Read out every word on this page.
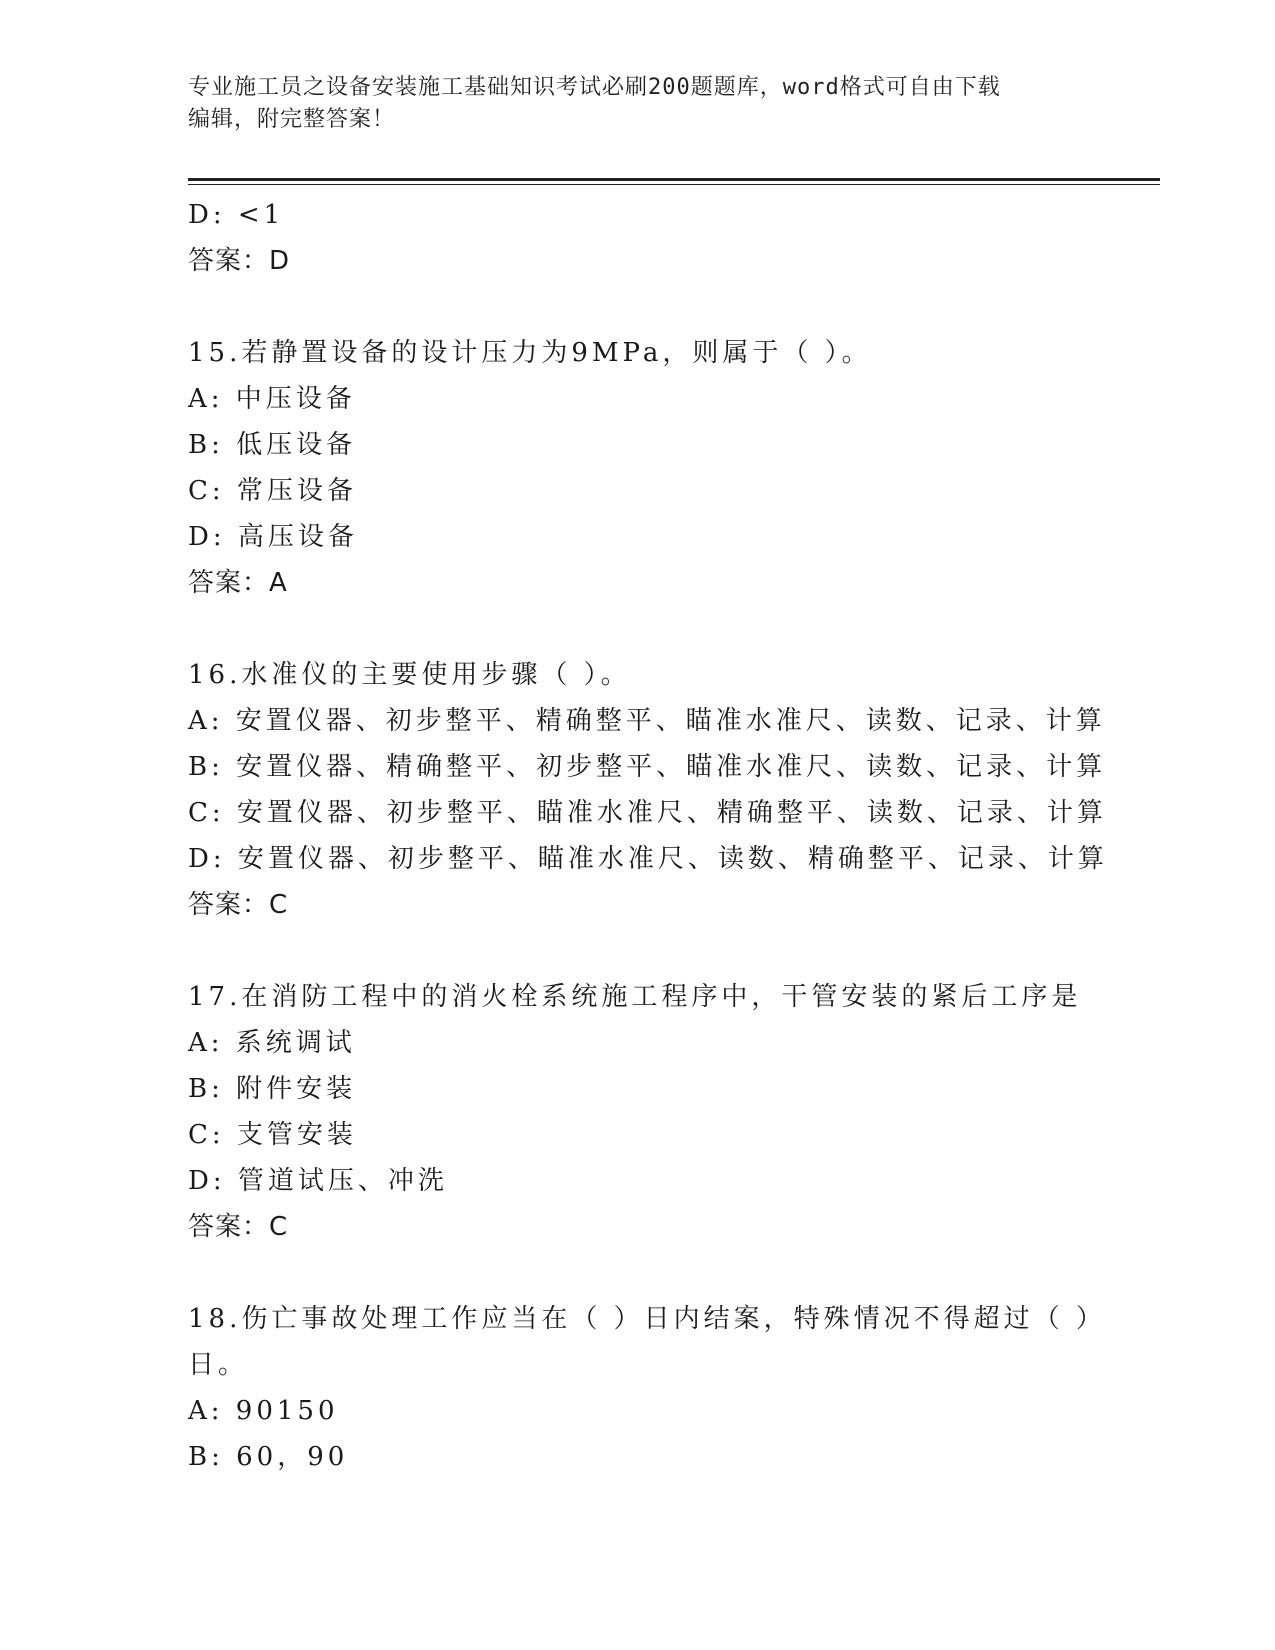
专业施工员之设备安装施工基础知识考试必刷200题题库，word格式可自由下载
编辑，附完整答案！
D: <1
答案：D
15.若静置设备的设计压力为9MPa，则属于（ ）。
A: 中压设备
B: 低压设备
C: 常压设备
D: 高压设备
答案：A
16.水准仪的主要使用步骤（ ）。
A: 安置仪器、初步整平、精确整平、瞄准水准尺、读数、记录、计算
B: 安置仪器、精确整平、初步整平、瞄准水准尺、读数、记录、计算
C: 安置仪器、初步整平、瞄准水准尺、精确整平、读数、记录、计算
D: 安置仪器、初步整平、瞄准水准尺、读数、精确整平、记录、计算
答案：C
17.在消防工程中的消火栓系统施工程序中，干管安装的紧后工序是
A: 系统调试
B: 附件安装
C: 支管安装
D: 管道试压、冲洗
答案：C
18.伤亡事故处理工作应当在（ ）日内结案，特殊情况不得超过（ ）
日。
A: 90150
B: 60，90
